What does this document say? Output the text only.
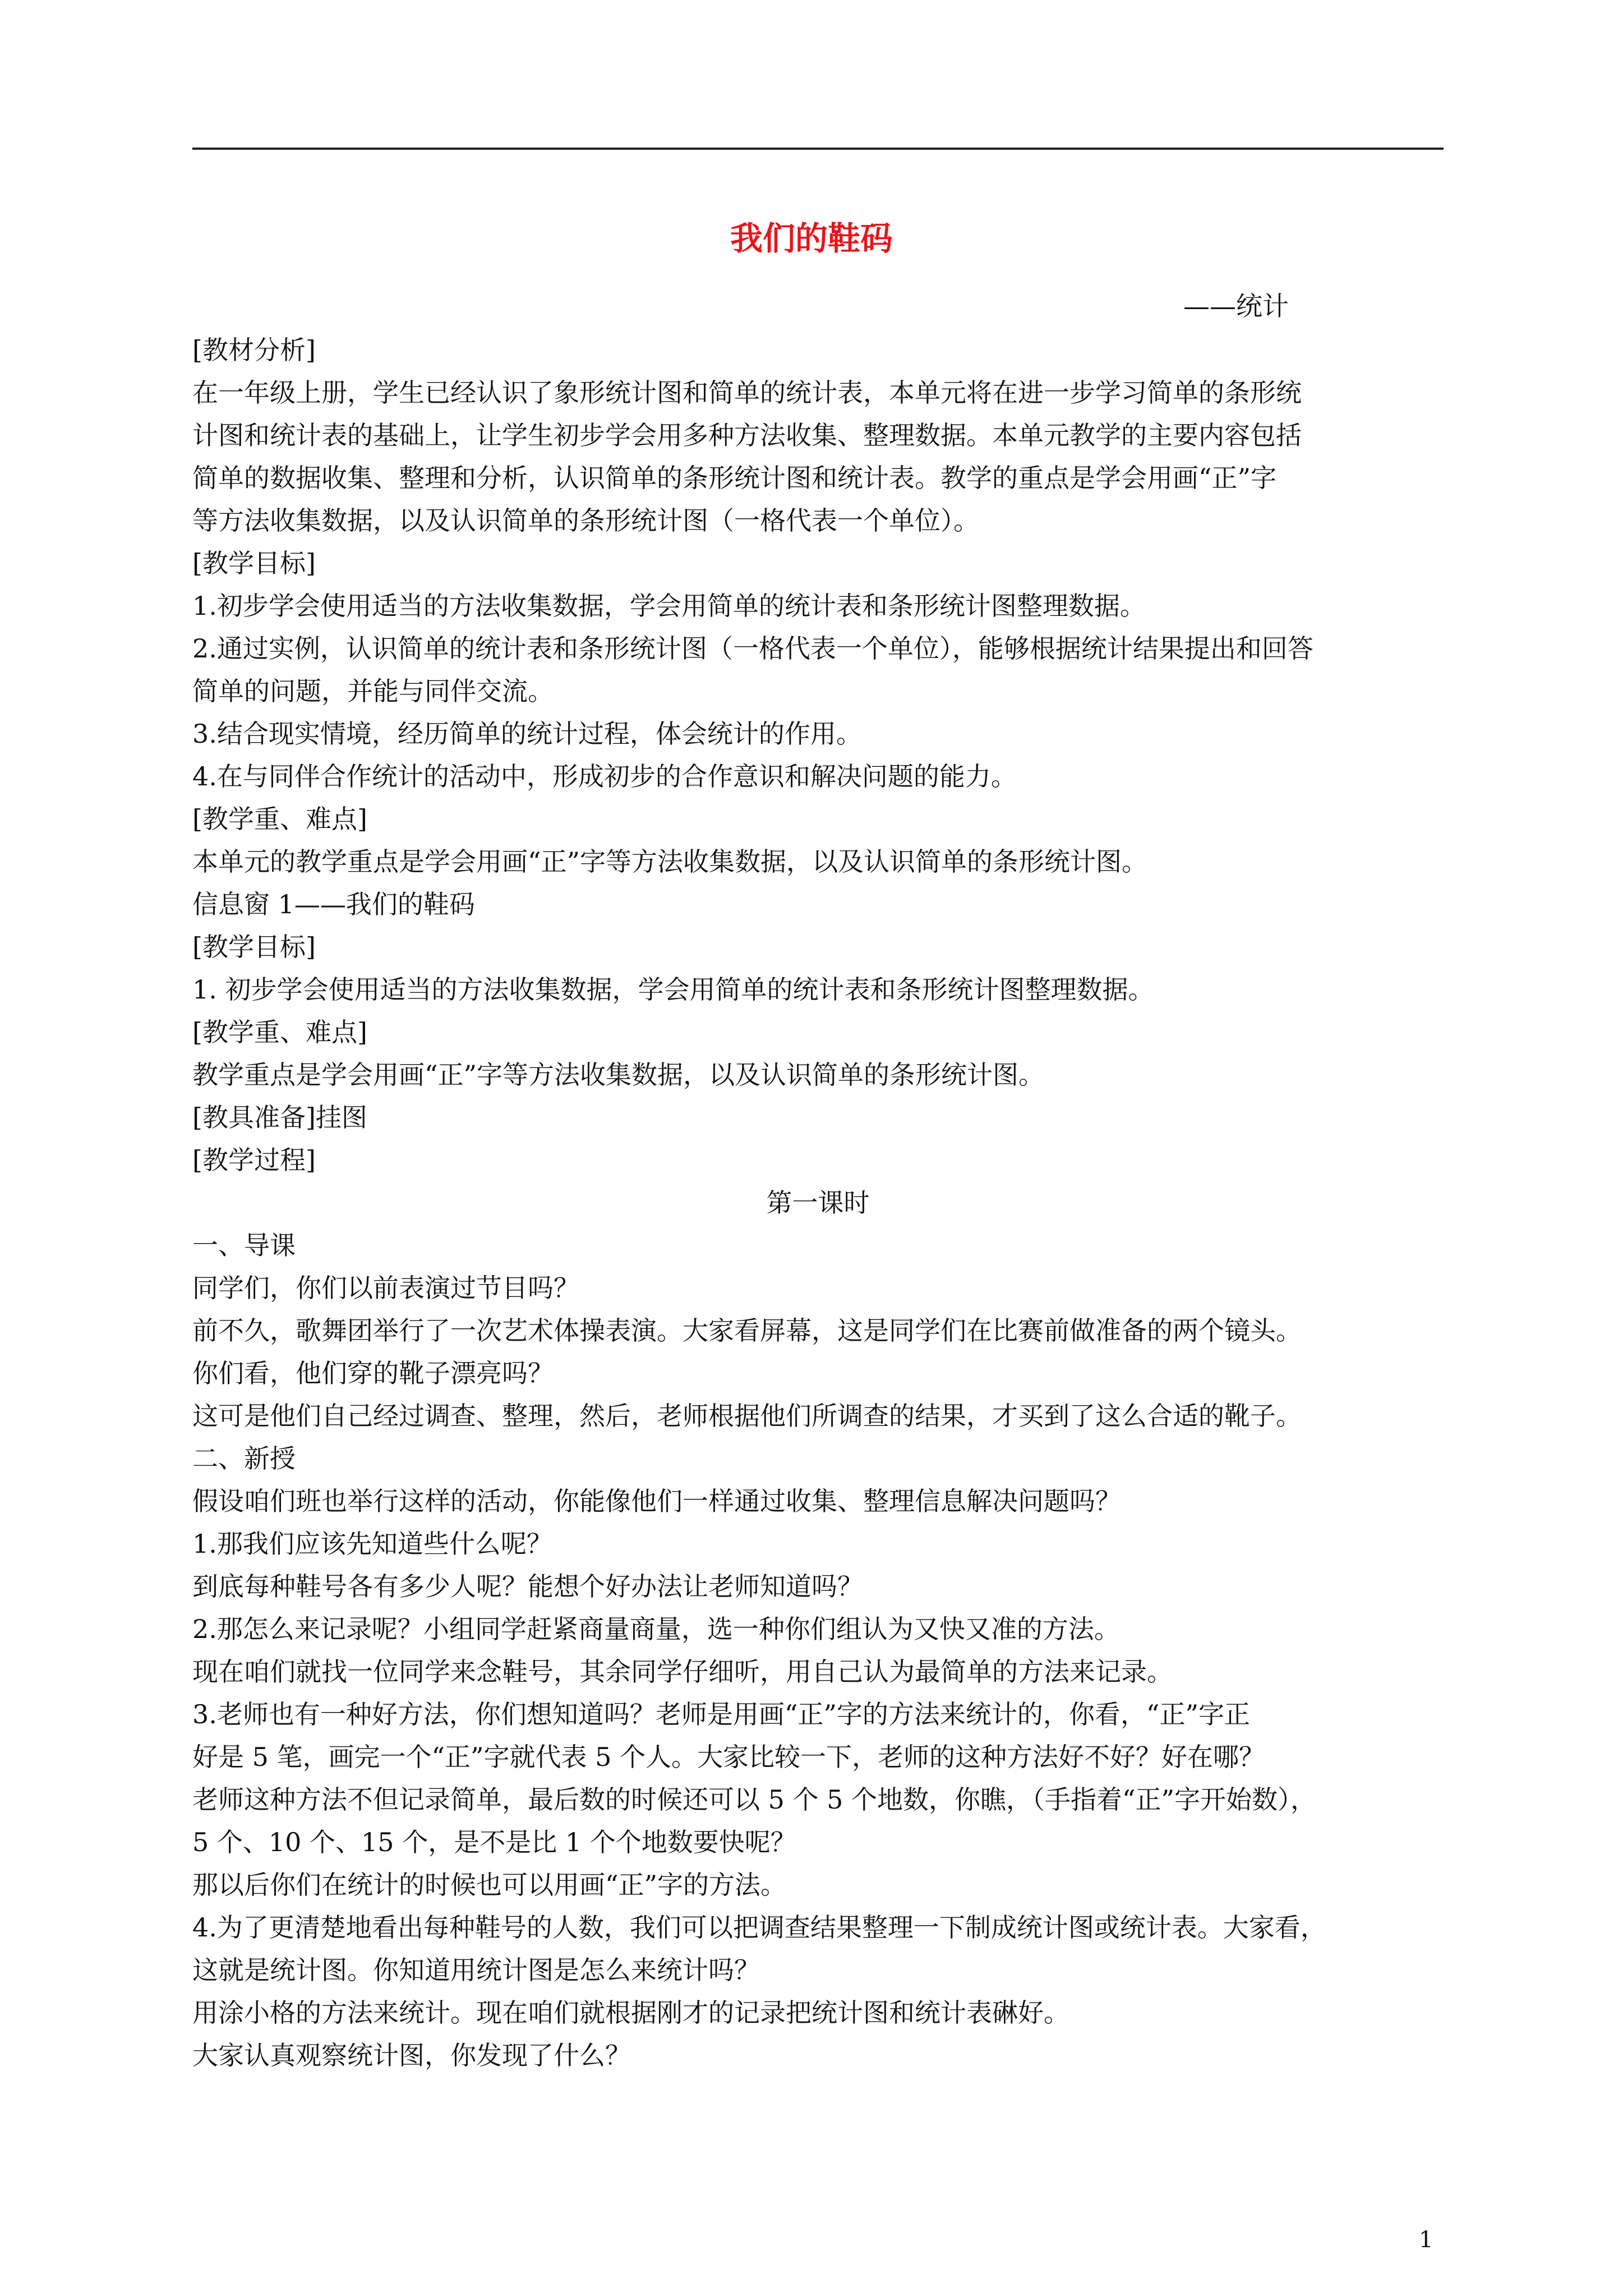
我们的鞋码

——统计

[教材分析]
在一年级上册，学生已经认识了象形统计图和简单的统计表，本单元将在进一步学习简单的条形统
计图和统计表的基础上，让学生初步学会用多种方法收集、整理数据。本单元教学的主要内容包括
简单的数据收集、整理和分析，认识简单的条形统计图和统计表。教学的重点是学会用画“正”字
等方法收集数据，以及认识简单的条形统计图（一格代表一个单位）。
[教学目标]
1.初步学会使用适当的方法收集数据，学会用简单的统计表和条形统计图整理数据。
2.通过实例，认识简单的统计表和条形统计图（一格代表一个单位），能够根据统计结果提出和回答
简单的问题，并能与同伴交流。
3.结合现实情境，经历简单的统计过程，体会统计的作用。
4.在与同伴合作统计的活动中，形成初步的合作意识和解决问题的能力。
[教学重、难点]
本单元的教学重点是学会用画“正”字等方法收集数据，以及认识简单的条形统计图。
信息窗 1——我们的鞋码
[教学目标]
1. 初步学会使用适当的方法收集数据，学会用简单的统计表和条形统计图整理数据。
[教学重、难点]
教学重点是学会用画“正”字等方法收集数据，以及认识简单的条形统计图。
[教具准备]挂图
[教学过程]
第一课时
一、导课
同学们，你们以前表演过节目吗？
前不久，歌舞团举行了一次艺术体操表演。大家看屏幕，这是同学们在比赛前做准备的两个镜头。
你们看，他们穿的靴子漂亮吗？
这可是他们自己经过调查、整理，然后，老师根据他们所调查的结果，才买到了这么合适的靴子。
二、新授
假设咱们班也举行这样的活动，你能像他们一样通过收集、整理信息解决问题吗？
1.那我们应该先知道些什么呢？
到底每种鞋号各有多少人呢？能想个好办法让老师知道吗？
2.那怎么来记录呢？小组同学赶紧商量商量，选一种你们组认为又快又准的方法。
现在咱们就找一位同学来念鞋号，其余同学仔细听，用自己认为最简单的方法来记录。
3.老师也有一种好方法，你们想知道吗？老师是用画“正”字的方法来统计的，你看，“正”字正
好是 5 笔，画完一个“正”字就代表 5 个人。大家比较一下，老师的这种方法好不好？好在哪？
老师这种方法不但记录简单，最后数的时候还可以 5 个 5 个地数，你瞧，（手指着“正”字开始数），
5 个、10 个、15 个，是不是比 1 个个地数要快呢？
那以后你们在统计的时候也可以用画“正”字的方法。
4.为了更清楚地看出每种鞋号的人数，我们可以把调查结果整理一下制成统计图或统计表。大家看，
这就是统计图。你知道用统计图是怎么来统计吗？
用涂小格的方法来统计。现在咱们就根据刚才的记录把统计图和统计表碄好。
大家认真观察统计图，你发现了什么？
1
